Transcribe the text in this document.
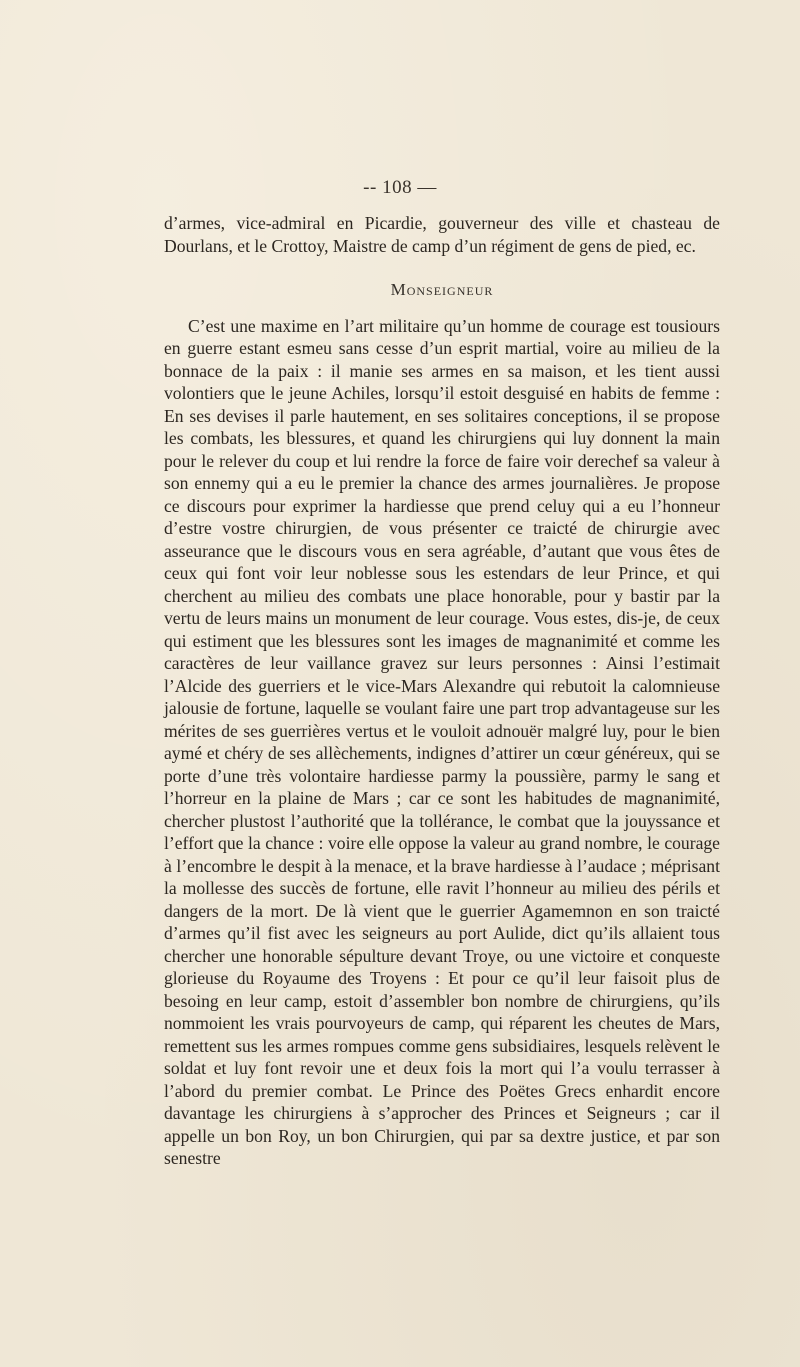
-- 108 —

d’armes, vice-admiral en Picardie, gouverneur des ville et chasteau de Dourlans, et le Crottoy, Maistre de camp d’un régiment de gens de pied, ec.

Monseigneur

C’est une maxime en l’art militaire qu’un homme de courage est tousiours en guerre estant esmeu sans cesse d’un esprit martial, voire au milieu de la bonnace de la paix : il manie ses armes en sa maison, et les tient aussi volontiers que le jeune Achiles, lorsqu’il estoit desguisé en habits de femme : En ses devises il parle hautement, en ses solitaires conceptions, il se propose les combats, les blessures, et quand les chirurgiens qui luy donnent la main pour le relever du coup et lui rendre la force de faire voir derechef sa valeur à son ennemy qui a eu le premier la chance des armes journalières. Je propose ce discours pour exprimer la hardiesse que prend celuy qui a eu l’honneur d’estre vostre chirurgien, de vous présenter ce traicté de chirurgie avec asseurance que le discours vous en sera agréable, d’autant que vous êtes de ceux qui font voir leur noblesse sous les estendars de leur Prince, et qui cherchent au milieu des combats une place honorable, pour y bastir par la vertu de leurs mains un monument de leur courage. Vous estes, dis-je, de ceux qui estiment que les blessures sont les images de magnanimité et comme les caractères de leur vaillance gravez sur leurs personnes : Ainsi l’estimait l’Alcide des guerriers et le vice-Mars Alexandre qui rebutoit la calomnieuse jalousie de fortune, laquelle se voulant faire une part trop advantageuse sur les mérites de ses guerrières vertus et le vouloit adnouër malgré luy, pour le bien aymé et chéry de ses allèchements, indignes d’attirer un cœur généreux, qui se porte d’une très volontaire hardiesse parmy la poussière, parmy le sang et l’horreur en la plaine de Mars ; car ce sont les habitudes de magnanimité, chercher plustost l’authorité que la tollérance, le combat que la jouyssance et l’effort que la chance : voire elle oppose la valeur au grand nombre, le courage à l’encombre le despit à la menace, et la brave hardiesse à l’audace ; méprisant la mollesse des succès de fortune, elle ravit l’honneur au milieu des périls et dangers de la mort. De là vient que le guerrier Agamemnon en son traicté d’armes qu’il fist avec les seigneurs au port Aulide, dict qu’ils allaient tous chercher une honorable sépulture devant Troye, ou une victoire et conqueste glorieuse du Royaume des Troyens : Et pour ce qu’il leur faisoit plus de besoing en leur camp, estoit d’assembler bon nombre de chirurgiens, qu’ils nommoient les vrais pourvoyeurs de camp, qui réparent les cheutes de Mars, remettent sus les armes rompues comme gens subsidiaires, lesquels relèvent le soldat et luy font revoir une et deux fois la mort qui l’a voulu terrasser à l’abord du premier combat. Le Prince des Poëtes Grecs enhardit encore davantage les chirurgiens à s’approcher des Princes et Seigneurs ; car il appelle un bon Roy, un bon Chirurgien, qui par sa dextre justice, et par son senestre
